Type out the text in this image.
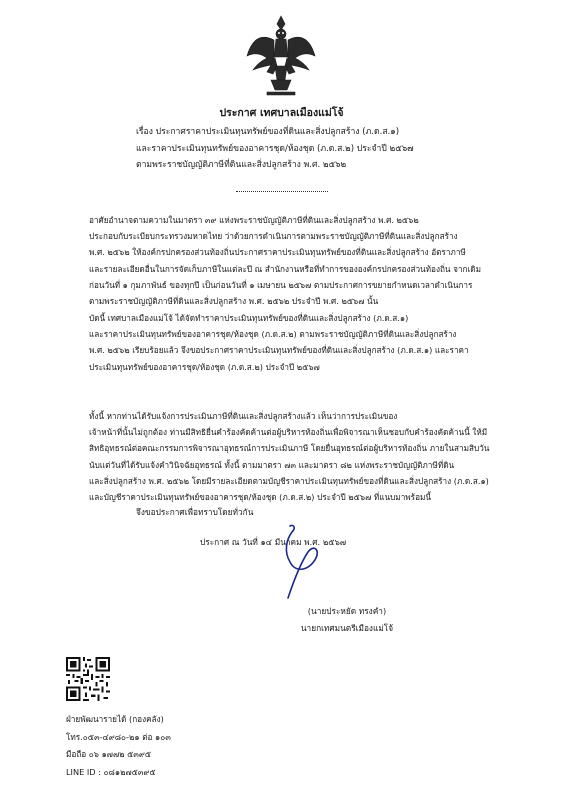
ประกาศ เทศบาลเมืองแม่โจ้
เรื่อง ประกาศราคาประเมินทุนทรัพย์ของที่ดินและสิ่งปลูกสร้าง (ภ.ด.ส.๑)
และราคาประเมินทุนทรัพย์ของอาคารชุด/ห้องชุด (ภ.ด.ส.๒) ประจำปี ๒๕๖๗
ตามพระราชบัญญัติภาษีที่ดินและสิ่งปลูกสร้าง พ.ศ. ๒๕๖๒
อาศัยอำนาจตามความในมาตรา ๓๙ แห่งพระราชบัญญัติภาษีที่ดินและสิ่งปลูกสร้าง พ.ศ. ๒๕๖๒
ประกอบกับระเบียบกระทรวงมหาดไทย ว่าด้วยการดำเนินการตามพระราชบัญญัติภาษีที่ดินและสิ่งปลูกสร้าง
พ.ศ. ๒๕๖๒ ให้องค์กรปกครองส่วนท้องถิ่นประกาศราคาประเมินทุนทรัพย์ของที่ดินและสิ่งปลูกสร้าง อัตราภาษี
และรายละเอียดอื่นในการจัดเก็บภาษีในแต่ละปี ณ สำนักงานหรือที่ทำการขององค์กรปกครองส่วนท้องถิ่น จากเดิม
ก่อนวันที่ ๑ กุมภาพันธ์ ของทุกปี เป็นก่อนวันที่ ๑ เมษายน ๒๕๖๗ ตามประกาศการขยายกำหนดเวลาดำเนินการ
ตามพระราชบัญญัติภาษีที่ดินและสิ่งปลูกสร้าง พ.ศ. ๒๕๖๒ ประจำปี พ.ศ. ๒๕๖๗ นั้น
บัดนี้ เทศบาลเมืองแม่โจ้ ได้จัดทำราคาประเมินทุนทรัพย์ของที่ดินและสิ่งปลูกสร้าง (ภ.ด.ส.๑)
และราคาประเมินทุนทรัพย์ของอาคารชุด/ห้องชุด (ภ.ด.ส.๒) ตามพระราชบัญญัติภาษีที่ดินและสิ่งปลูกสร้าง
พ.ศ. ๒๕๖๒ เรียบร้อยแล้ว จึงขอประกาศราคาประเมินทุนทรัพย์ของที่ดินและสิ่งปลูกสร้าง (ภ.ด.ส.๑) และราคา
ประเมินทุนทรัพย์ของอาคารชุด/ห้องชุด (ภ.ด.ส.๒) ประจำปี ๒๕๖๗
ทั้งนี้ หากท่านได้รับแจ้งการประเมินภาษีที่ดินและสิ่งปลูกสร้างแล้ว เห็นว่าการประเมินของ
เจ้าหน้าที่นั้นไม่ถูกต้อง ท่านมีสิทธิยื่นคำร้องคัดค้านต่อผู้บริหารท้องถิ่นเพื่อพิจารณาเห็นชอบกับคำร้องคัดค้านนี้ ให้มี
สิทธิอุทธรณ์ต่อคณะกรรมการพิจารณาอุทธรณ์การประเมินภาษี โดยยื่นอุทธรณ์ต่อผู้บริหารท้องถิ่น ภายในสามสิบวัน
นับแต่วันที่ได้รับแจ้งคำวินิจฉัยอุทธรณ์ ทั้งนี้ ตามมาตรา ๗๓ และมาตรา ๘๒ แห่งพระราชบัญญัติภาษีที่ดิน
และสิ่งปลูกสร้าง พ.ศ. ๒๕๖๒ โดยมีรายละเอียดตามบัญชีราคาประเมินทุนทรัพย์ของที่ดินและสิ่งปลูกสร้าง (ภ.ด.ส.๑)
และบัญชีราคาประเมินทุนทรัพย์ของอาคารชุด/ห้องชุด (ภ.ด.ส.๒) ประจำปี ๒๕๖๗ ที่แนบมาพร้อมนี้
จึงขอประกาศเพื่อทราบโดยทั่วกัน
ประกาศ ณ วันที่ ๑๔ มีนาคม พ.ศ. ๒๕๖๗
(นายประหยัด ทรงคำ)
นายกเทศมนตรีเมืองแม่โจ้
ฝ่ายพัฒนารายได้ (กองคลัง)
โทร.๐๕๓-๔๙๘๐-๒๑ ต่อ ๑๐๓
มือถือ ๐๖ ๑๗๗๒ ๕๓๙๕
LINE ID : ๐๘๑๒๗๕๓๙๕
